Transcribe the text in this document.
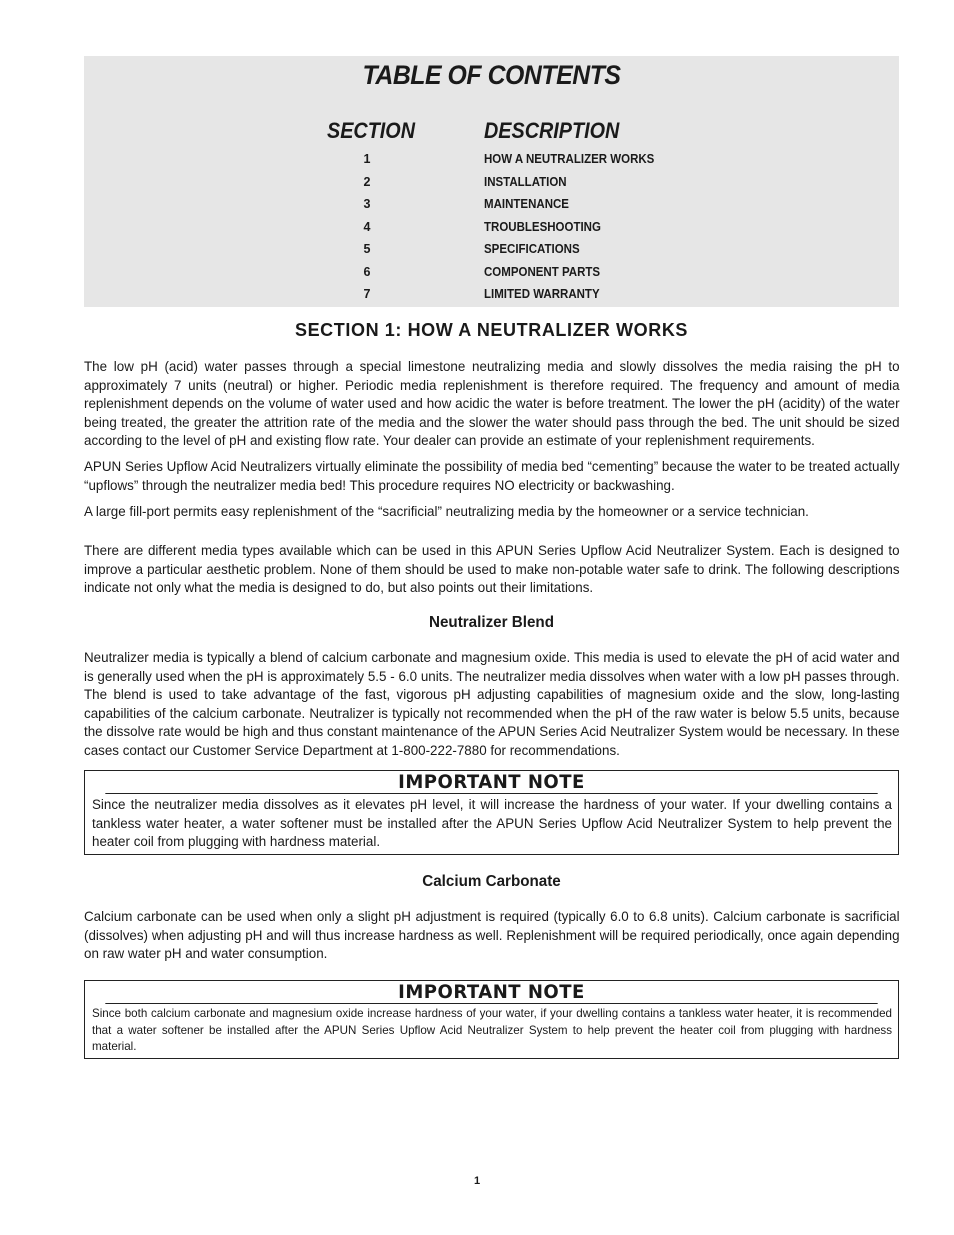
TABLE OF CONTENTS
SECTION	DESCRIPTION
1	HOW A NEUTRALIZER WORKS
2	INSTALLATION
3	MAINTENANCE
4	TROUBLESHOOTING
5	SPECIFICATIONS
6	COMPONENT PARTS
7	LIMITED WARRANTY
SECTION 1: HOW A NEUTRALIZER WORKS

The low pH (acid) water passes through a special limestone neutralizing media and slowly dissolves the media raising the pH to approximately 7 units (neutral) or higher. Periodic media replenishment is therefore required. The frequency and amount of media replenishment depends on the volume of water used and how acidic the water is before treatment. The lower the pH (acidity) of the water being treated, the greater the attrition rate of the media and the slower the water should pass through the bed. The unit should be sized according to the level of pH and existing flow rate. Your dealer can provide an estimate of your replenishment requirements.

APUN Series Upflow Acid Neutralizers virtually eliminate the possibility of media bed “cementing” because the water to be treated actually “upflows” through the neutralizer media bed! This procedure requires NO electricity or backwashing.

A large fill-port permits easy replenishment of the “sacrificial” neutralizing media by the homeowner or a service technician.

There are different media types available which can be used in this APUN Series Upflow Acid Neutralizer System. Each is designed to improve a particular aesthetic problem. None of them should be used to make non-potable water safe to drink. The following descriptions indicate not only what the media is designed to do, but also points out their limitations.

Neutralizer Blend

Neutralizer media is typically a blend of calcium carbonate and magnesium oxide. This media is used to elevate the pH of acid water and is generally used when the pH is approximately 5.5 - 6.0 units. The neutralizer media dissolves when water with a low pH passes through. The blend is used to take advantage of the fast, vigorous pH adjusting capabilities of magnesium oxide and the slow, long-lasting capabilities of the calcium carbonate. Neutralizer is typically not recommended when the pH of the raw water is below 5.5 units, because the dissolve rate would be high and thus constant maintenance of the APUN Series Acid Neutralizer System would be necessary. In these cases contact our Customer Service Department at 1-800-222-7880 for recommendations.

IMPORTANT NOTE
Since the neutralizer media dissolves as it elevates pH level, it will increase the hardness of your water. If your dwelling contains a tankless water heater, a water softener must be installed after the APUN Series Upflow Acid Neutralizer System to help prevent the heater coil from plugging with hardness material.
Calcium Carbonate

Calcium carbonate can be used when only a slight pH adjustment is required (typically 6.0 to 6.8 units). Calcium carbonate is sacrificial (dissolves) when adjusting pH and will thus increase hardness as well. Replenishment will be required periodically, once again depending on raw water pH and water consumption.

IMPORTANT NOTE
Since both calcium carbonate and magnesium oxide increase hardness of your water, if your dwelling contains a tankless water heater, it is recommended that a water softener be installed after the APUN Series Upflow Acid Neutralizer System to help prevent the heater coil from plugging with hardness material.
1
